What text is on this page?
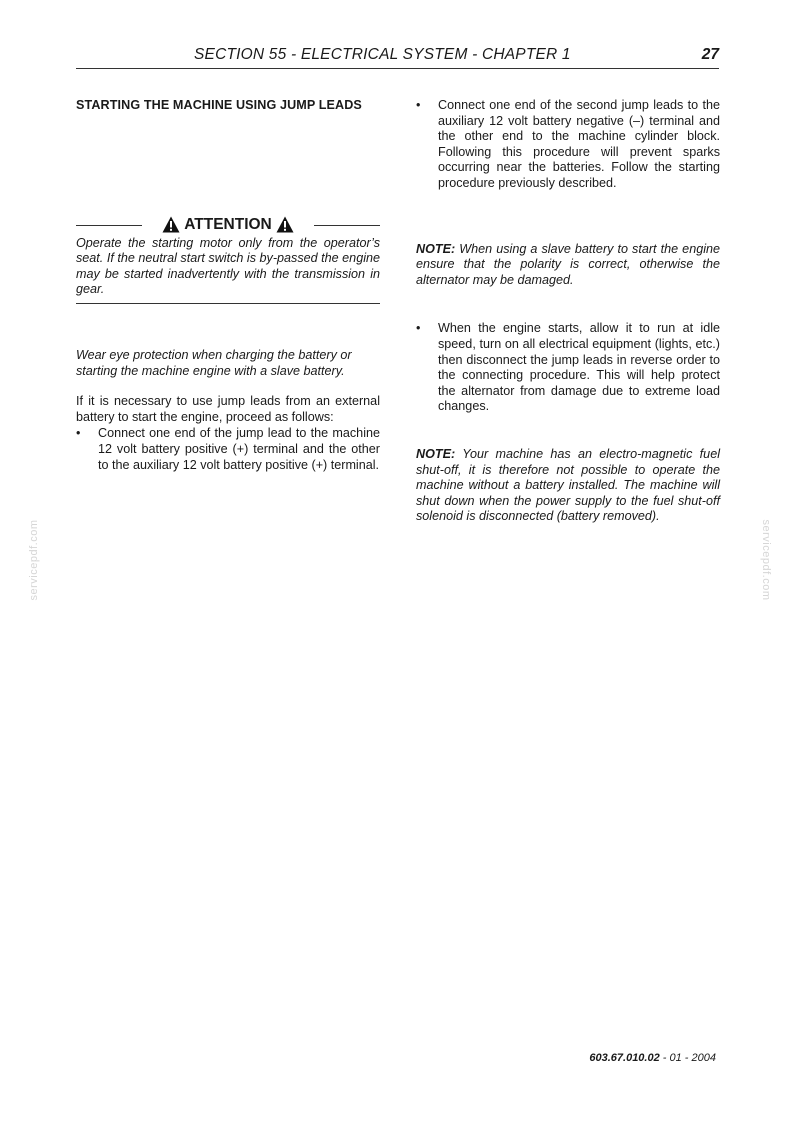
SECTION 55 - ELECTRICAL SYSTEM - CHAPTER 1	27

STARTING THE MACHINE USING JUMP LEADS

ATTENTION

Operate the starting motor only from the operator’s seat. If the neutral start switch is by-passed the engine may be started inadvertently with the transmission in gear.

Wear eye protection when charging the battery or starting the machine engine with a slave battery.

If it is necessary to use jump leads from an external battery to start the engine, proceed as follows:

• Connect one end of the jump lead to the machine 12 volt battery positive (+) terminal and the other to the auxiliary 12 volt battery positive (+) terminal.
• Connect one end of the second jump leads to the auxiliary 12 volt battery negative (–) terminal and the other end to the machine cylinder block. Following this procedure will prevent sparks occurring near the batteries. Follow the starting procedure previously described.

NOTE: When using a slave battery to start the engine ensure that the polarity is correct, otherwise the alternator may be damaged.

• When the engine starts, allow it to run at idle speed, turn on all electrical equipment (lights, etc.) then disconnect the jump leads in reverse order to the connecting procedure. This will help protect the alternator from damage due to extreme load changes.

NOTE: Your machine has an electro-magnetic fuel shut-off, it is therefore not possible to operate the machine without a battery installed. The machine will shut down when the power supply to the fuel shut-off solenoid is disconnected (battery removed).

servicepdf.com	servicepdf.com
603.67.010.02 - 01 - 2004
